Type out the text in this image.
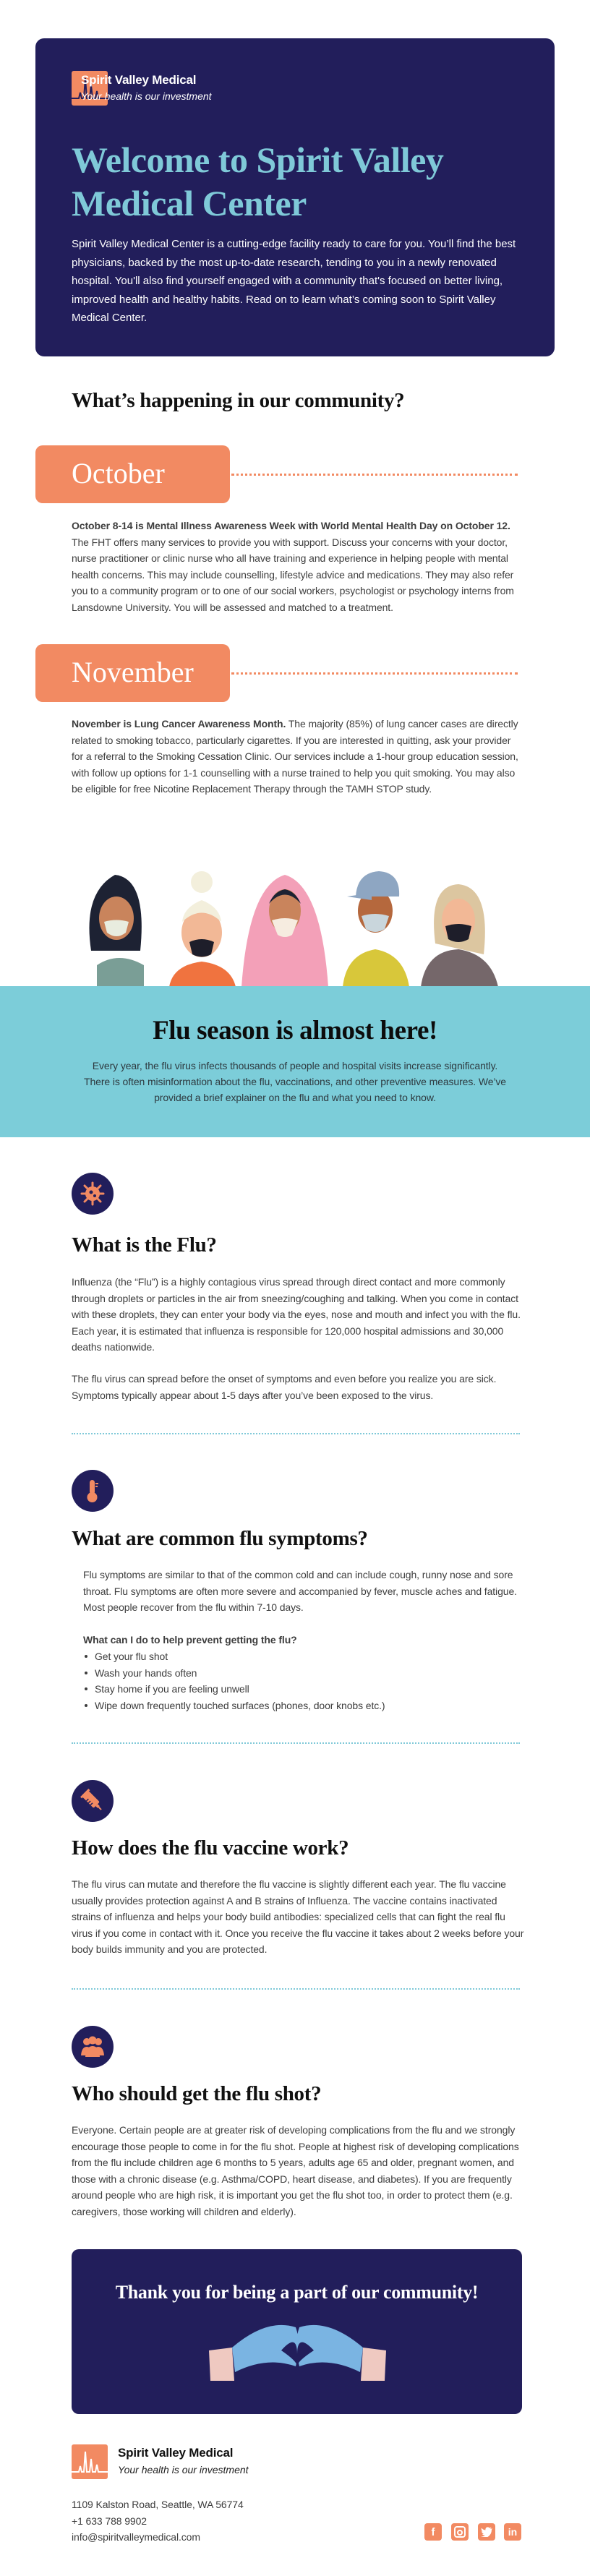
Spirit Valley Medical
Your health is our investment
Welcome to Spirit Valley Medical Center
Spirit Valley Medical Center is a cutting-edge facility ready to care for you. You’ll find the best physicians, backed by the most up-to-date research, tending to you in a newly renovated hospital. You'll also find yourself engaged with a community that's focused on better living, improved health and healthy habits. Read on to learn what’s coming soon to Spirit Valley Medical Center.
What’s happening in our community?
October

October 8-14 is Mental Illness Awareness Week with World Mental Health Day on October 12. The FHT offers many services to provide you with support. Discuss your concerns with your doctor, nurse practitioner or clinic nurse who all have training and experience in helping people with mental health concerns. This may include counselling, lifestyle advice and medications. They may also refer you to a community program or to one of our social workers, psychologist or psychology interns from Lansdowne University. You will be assessed and matched to a treatment.

November

November is Lung Cancer Awareness Month. The majority (85%) of lung cancer cases are directly related to smoking tobacco, particularly cigarettes. If you are interested in quitting, ask your provider for a referral to the Smoking Cessation Clinic. Our services include a 1-hour group education session, with follow up options for 1-1 counselling with a nurse trained to help you quit smoking. You may also be eligible for free Nicotine Replacement Therapy through the TAMH STOP study.

Flu season is almost here!

Every year, the flu virus infects thousands of people and hospital visits increase significantly. There is often misinformation about the flu, vaccinations, and other preventive measures. We’ve provided a brief explainer on the flu and what you need to know.

What is the Flu?

Influenza (the “Flu”) is a highly contagious virus spread through direct contact and more commonly through droplets or particles in the air from sneezing/coughing and talking. When you come in contact with these droplets, they can enter your body via the eyes, nose and mouth and infect you with the flu. Each year, it is estimated that influenza is responsible for 120,000 hospital admissions and 30,000 deaths nationwide.

The flu virus can spread before the onset of symptoms and even before you realize you are sick. Symptoms typically appear about 1-5 days after you’ve been exposed to the virus.

What are common flu symptoms?

Flu symptoms are similar to that of the common cold and can include cough, runny nose and sore throat. Flu symptoms are often more severe and accompanied by fever, muscle aches and fatigue. Most people recover from the flu within 7-10 days.

What can I do to help prevent getting the flu?
Get your flu shot
Wash your hands often
Stay home if you are feeling unwell
Wipe down frequently touched surfaces (phones, door knobs etc.)
How does the flu vaccine work?

The flu virus can mutate and therefore the flu vaccine is slightly different each year. The flu vaccine usually provides protection against A and B strains of Influenza. The vaccine contains inactivated strains of influenza and helps your body build antibodies: specialized cells that can fight the real flu virus if you come in contact with it. Once you receive the flu vaccine it takes about 2 weeks before your body builds immunity and you are protected.

Who should get the flu shot?

Everyone. Certain people are at greater risk of developing complications from the flu and we strongly encourage those people to come in for the flu shot. People at highest risk of developing complications from the flu include children age 6 months to 5 years, adults age 65 and older, pregnant women, and those with a chronic disease (e.g. Asthma/COPD, heart disease, and diabetes). If you are frequently around people who are high risk, it is important you get the flu shot too, in order to protect them (e.g. caregivers, those working will children and elderly).

Thank you for being a part of our community!
Spirit Valley Medical
Your health is our investment
1109 Kalston Road, Seattle, WA 56774
+1 633 788 9902
info@spiritvalleymedical.com	f	in
